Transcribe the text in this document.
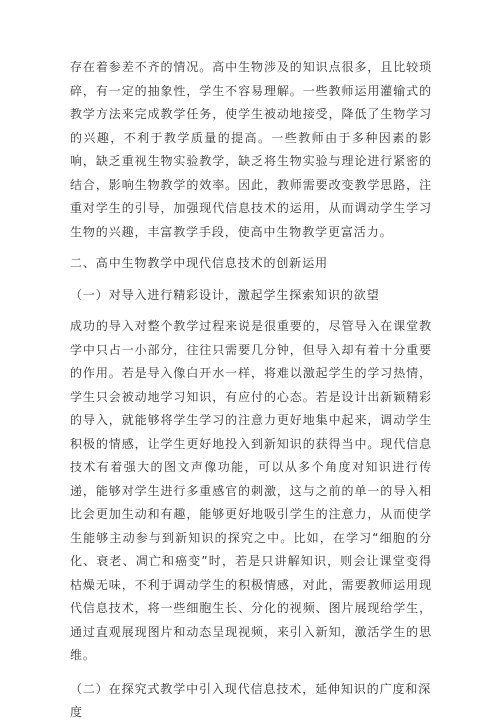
存在着参差不齐的情况。高中生物涉及的知识点很多，且比较琐碎，有一定的抽象性，学生不容易理解。一些教师运用灌输式的教学方法来完成教学任务，使学生被动地接受，降低了生物学习的兴趣，不利于教学质量的提高。一些教师由于多种因素的影响，缺乏重视生物实验教学，缺乏将生物实验与理论进行紧密的结合，影响生物教学的效率。因此，教师需要改变教学思路，注重对学生的引导，加强现代信息技术的运用，从而调动学生学习生物的兴趣，丰富教学手段，使高中生物教学更富活力。

二、高中生物教学中现代信息技术的创新运用

（一）对导入进行精彩设计，激起学生探索知识的欲望

成功的导入对整个教学过程来说是很重要的，尽管导入在课堂教学中只占一小部分，往往只需要几分钟，但导入却有着十分重要的作用。若是导入像白开水一样，将难以激起学生的学习热情，学生只会被动地学习知识，有应付的心态。若是设计出新颖精彩的导入，就能够将学生学习的注意力更好地集中起来，调动学生积极的情感，让学生更好地投入到新知识的获得当中。现代信息技术有着强大的图文声像功能，可以从多个角度对知识进行传递，能够对学生进行多重感官的刺激，这与之前的单一的导入相比会更加生动和有趣，能够更好地吸引学生的注意力，从而使学生能够主动参与到新知识的探究之中。比如，在学习“细胞的分化、衰老、凋亡和癌变”时，若是只讲解知识，则会让课堂变得枯燥无味，不利于调动学生的积极情感，对此，需要教师运用现代信息技术，将一些细胞生长、分化的视频、图片展现给学生，通过直观展现图片和动态呈现视频，来引入新知，激活学生的思维。

（二）在探究式教学中引入现代信息技术，延伸知识的广度和深度
